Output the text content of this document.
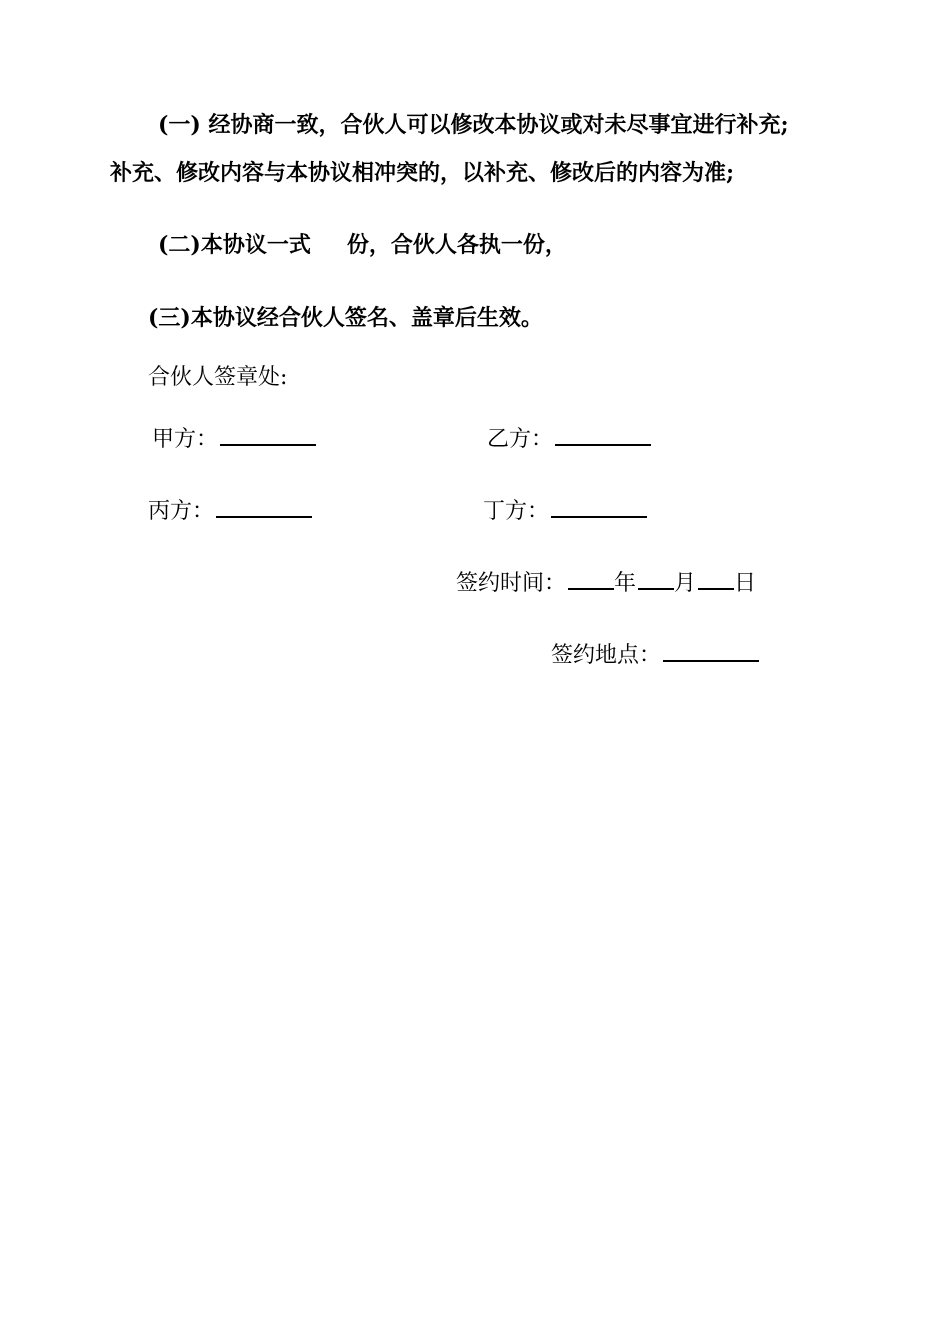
(一) 经协商一致，合伙人可以修改本协议或对未尽事宜进行补充;
补充、修改内容与本协议相冲突的，以补充、修改后的内容为准;
(二)本协议一式 份，合伙人各执一份，
(三)本协议经合伙人签名、盖章后生效。
合伙人签章处:
甲方：	乙方：
丙方：	丁方：
签约时间： 年 月 日
签约地点：
